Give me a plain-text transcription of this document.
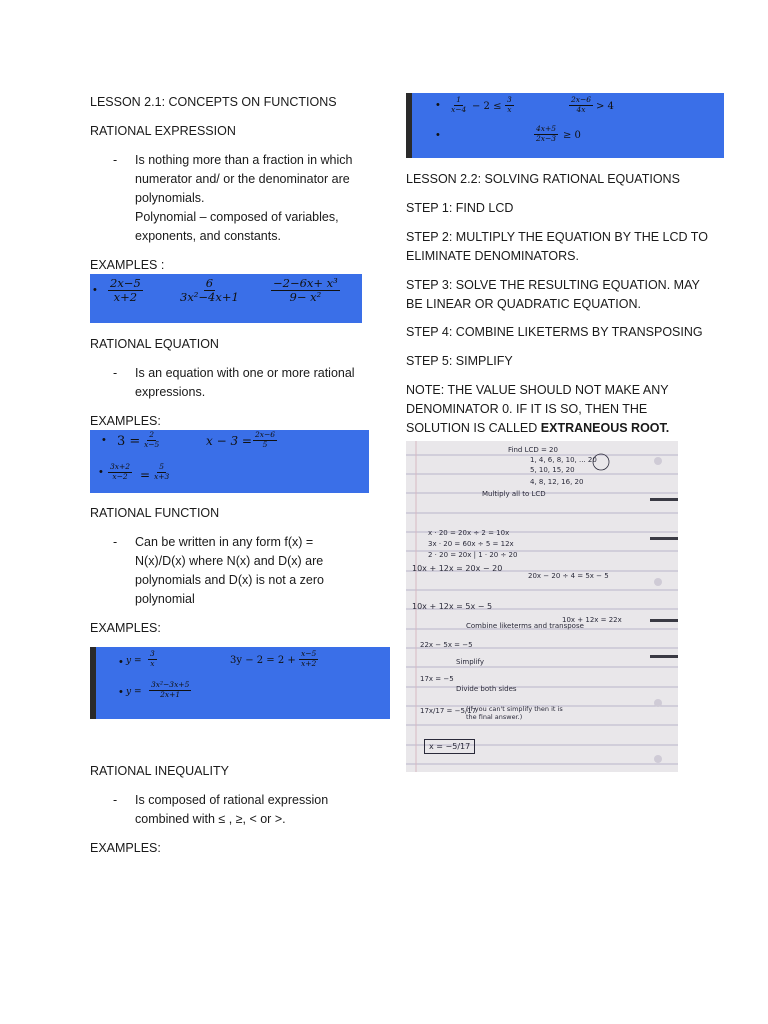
LESSON 2.1: CONCEPTS ON FUNCTIONS
RATIONAL EXPRESSION
- Is nothing more than a fraction in which
numerator and/ or the denominator are
polynomials.
Polynomial – composed of variables,
exponents, and constants.
EXAMPLES :
• $\frac{2x-5}{x+2}$	$\frac{6}{\text{3x²−4x+1}}$	$\frac{\text{−2−6x+ x³}}{\text{9− x²}}$
RATIONAL EQUATION
- Is an equation with one or more rational
expressions.
EXAMPLES:
• $3 = \frac{2}{x-5}$	$x - 3 = \frac{2x-6}{5}$
• $\frac{3x+2}{x-2} = \frac{5}{x+3}$
RATIONAL FUNCTION
- Can be written in any form f(x) =
N(x)/D(x) where N(x) and D(x) are
polynomials and D(x) is not a zero
polynomial
EXAMPLES:
• $y = \frac{3}{x}$	$3y - 2 = 2 + \frac{x-5}{x+2}$
• $y = \frac{\text{3x²−3x+5}}{2x+1}$
RATIONAL INEQUALITY
- Is composed of rational expression
combined with ≤ , ≥, < or >.
EXAMPLES:
• $\frac{1}{x-4} - 2 \le \frac{3}{x}$	$\frac{2x-6}{4x} > 4$
•	$\frac{4x+5}{2x-3} \ge 0$
LESSON 2.2: SOLVING RATIONAL EQUATIONS
STEP 1: FIND LCD
STEP 2: MULTIPLY THE EQUATION BY THE LCD TO
ELIMINATE DENOMINATORS.
STEP 3: SOLVE THE RESULTING EQUATION. MAY
BE LINEAR OR QUADRATIC EQUATION.
STEP 4: COMBINE LIKETERMS BY TRANSPOSING
STEP 5: SIMPLIFY
NOTE: THE VALUE SHOULD NOT MAKE ANY
DENOMINATOR 0. IF IT IS SO, THEN THE
SOLUTION IS CALLED EXTRANEOUS ROOT.
Find LCD = 20
1, 4, 6, 8, 10, ... 20
5, 10, 15, 20
4, 8, 12, 16, 20
Multiply all to LCD
x · 20 = 20x ÷ 2 = 10x
3x · 20 = 60x ÷ 5 = 12x
2 · 20 = 20x | 1 · 20 ÷ 20
10x + 12x = 20x − 20
20x − 20 ÷ 4 = 5x − 5
10x + 12x = 5x − 5
10x + 12x = 22x
Combine liketerms and transpose
22x − 5x = −5
Simplify
17x = −5
Divide both sides
17x/17 = −5/17
(If you can't simplify then it is the final answer.)
x = −5/17
